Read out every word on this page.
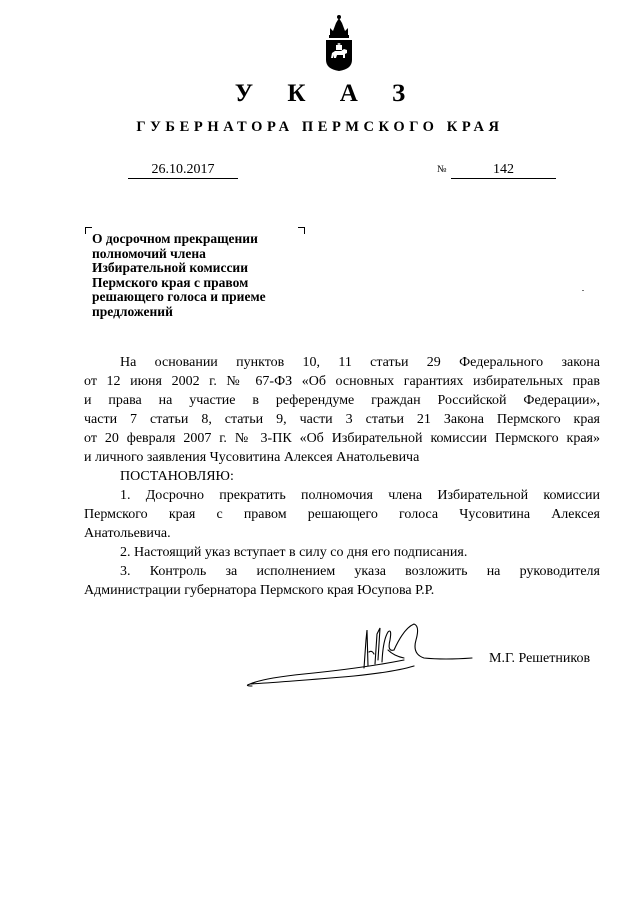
У К А З
ГУБЕРНАТОРА ПЕРМСКОГО КРАЯ
26.10.2017	№	142
О досрочном прекращении
полномочий члена
Избирательной комиссии
Пермского края с правом
решающего голоса и приеме
предложений

На основании пунктов 10, 11 статьи 29 Федерального закона

от 12 июня 2002 г. № 67-ФЗ «Об основных гарантиях избирательных прав

и права на участие в референдуме граждан Российской Федерации»,

части 7 статьи 8, статьи 9, части 3 статьи 21 Закона Пермского края

от 20 февраля 2007 г. № 3-ПК «Об Избирательной комиссии Пермского края»

и личного заявления Чусовитина Алексея Анатольевича

ПОСТАНОВЛЯЮ:

1. Досрочно прекратить полномочия члена Избирательной комиссии

Пермского края с правом решающего голоса Чусовитина Алексея

Анатольевича.

2. Настоящий указ вступает в силу со дня его подписания.

3. Контроль за исполнением указа возложить на руководителя

Администрации губернатора Пермского края Юсупова Р.Р.

М.Г. Решетников
